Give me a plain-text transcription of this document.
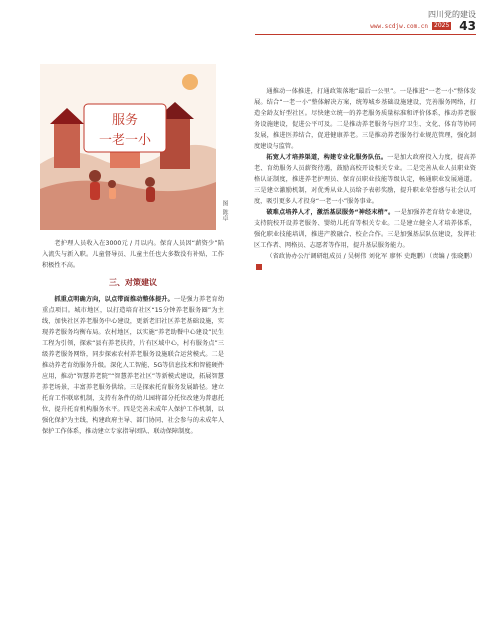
四川党的建设
www.scdjw.com.cn	2025 43
服务
一老一小
图 陈卓

老护理人员收入在3000元 / 月以内。保育人员因“薪资少”陷入流失与新入职。儿童督导员、儿童主任也大多数没有补贴，工作积极性不高。

三、对策建议

抓重点明确方向，以点带面推动整体提升。一是强力养老育幼重点项目。城市地区，以打造培育社区“15分钟养老服务圈”为主线，加快社区养老服务中心建设，更新老旧社区养老基础设施，实现养老服务均衡布局。农村地区，以实施“养老助餐中心建设”民生工程为引领，探索“县有养老扶持，片有区域中心，村有服务点”三级养老服务网络，同步探索农村养老服务设施联合运营模式。二是推动养老育幼服务升级。深化人工智能、5G等信息技术和智能硬件应用，推动“智慧养老院”“智慧养老社区”等新模式建设，拓展智慧养老场景，丰富养老服务供给。三是探索托育服务发展路径。建立托育工作联席机制，支持有条件的幼儿园将部分托位改建为普惠托位，提升托育机构服务水平。四是完善未成年人保护工作机制，以强化保护为主线，构建政府主导、部门协同、社会参与的未成年人保护工作体系，推动建立专家指导团队、联动保障制度。

通推动一体推进，打通政策落地“最后一公里”。一是推进“一老一小”整体发展。结合“一老一小”整体解决方案，统筹城乡基础设施建设，完善服务网络，打造全龄友好型社区。尽快建立统一的养老服务质量标准和评价体系，推动养老服务设施建设，促进公平可及。二是推动养老服务与医疗卫生、文化、体育等协同发展，推进医养结合，促进健康养老。三是推动养老服务行业规范管理，强化制度建设与监管。

拓宽人才培养渠道，构建专业化服务队伍。一是加大政府投入力度，提高养老、育幼服务人员薪资待遇，鼓励高校开设相关专业。二是完善从业人员职业资格认证制度，推进养老护理员、保育员职业技能等级认定，畅通职业发展通道。三是建立激励机制，对优秀从业人员给予表彰奖励，提升职业荣誉感与社会认可度，吸引更多人才投身“一老一小”服务事业。

破难点培养人才，激活基层服务“神经末梢”。一是加强养老育幼专业建设，支持院校开设养老服务、婴幼儿托育等相关专业。二是建立健全人才培养体系，强化职业技能培训，推进产教融合、校企合作。三是加强基层队伍建设，发挥社区工作者、网格员、志愿者等作用，提升基层服务能力。

（省政协办公厅调研组成员 / 吴树伟 刘化军 廖怀 史跑鹏）（责编 / 张晓鹏）
